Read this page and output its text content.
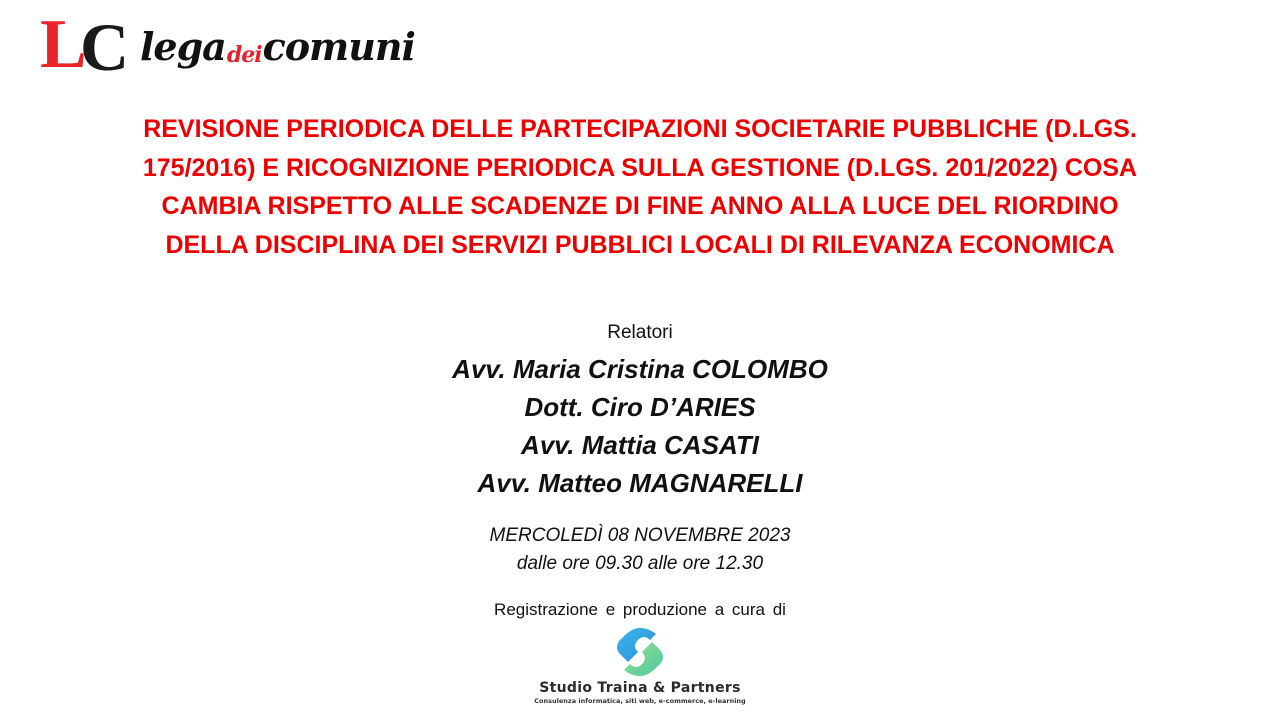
L C legadeicomuni
REVISIONE PERIODICA DELLE PARTECIPAZIONI SOCIETARIE PUBBLICHE (D.LGS. 175/2016) E RICOGNIZIONE PERIODICA SULLA GESTIONE (D.LGS. 201/2022) COSA CAMBIA RISPETTO ALLE SCADENZE DI FINE ANNO ALLA LUCE DEL RIORDINO DELLA DISCIPLINA DEI SERVIZI PUBBLICI LOCALI DI RILEVANZA ECONOMICA
Relatori
Avv. Maria Cristina COLOMBO
Dott. Ciro D’ARIES
Avv. Mattia CASATI
Avv. Matteo MAGNARELLI
MERCOLEDÌ 08 NOVEMBRE 2023
dalle ore 09.30 alle ore 12.30
Registrazione e produzione a cura di
Studio Traina & Partners
Consulenza informatica, siti web, e-commerce, e-learning
